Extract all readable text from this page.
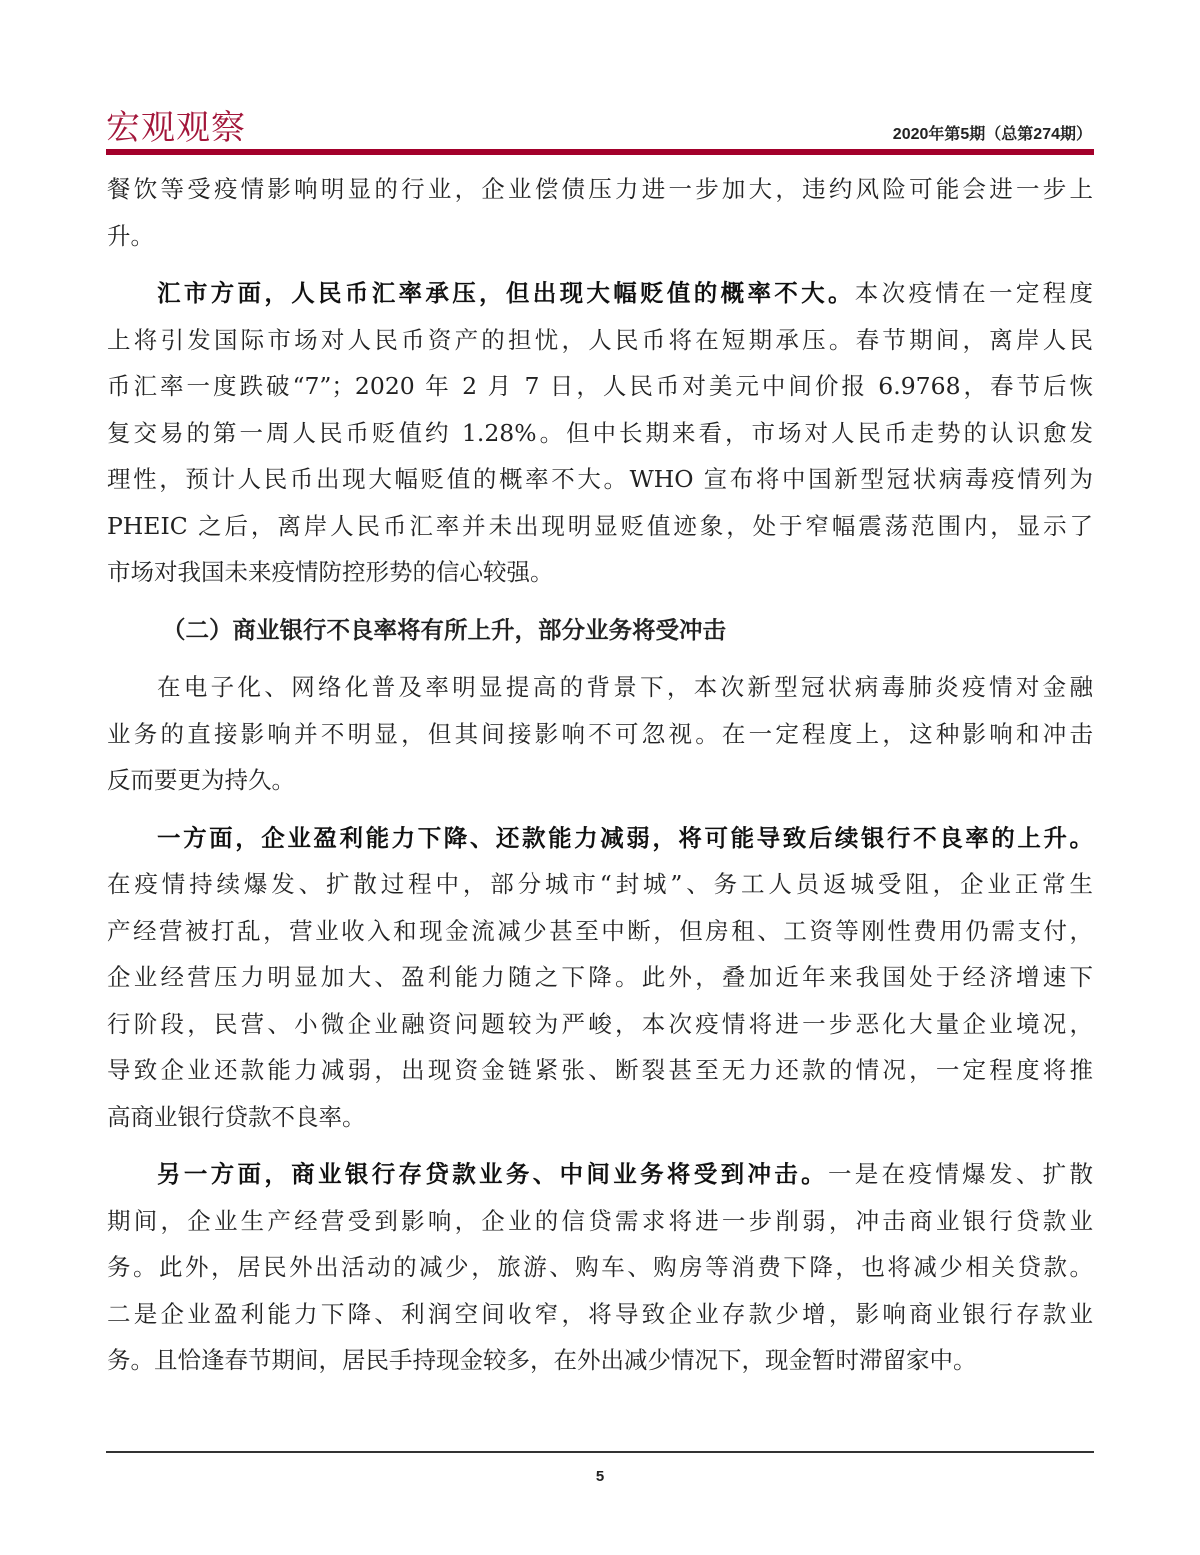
宏观观察	2020年第5期（总第274期）
餐饮等受疫情影响明显的行业，企业偿债压力进一步加大，违约风险可能会进一步上
升。
汇市方面，人民币汇率承压，但出现大幅贬值的概率不大。本次疫情在一定程度
上将引发国际市场对人民币资产的担忧，人民币将在短期承压。春节期间，离岸人民
币汇率一度跌破“7”；2020 年 2 月 7 日，人民币对美元中间价报 6.9768，春节后恢
复交易的第一周人民币贬值约 1.28%。但中长期来看，市场对人民币走势的认识愈发
理性，预计人民币出现大幅贬值的概率不大。WHO 宣布将中国新型冠状病毒疫情列为
PHEIC 之后，离岸人民币汇率并未出现明显贬值迹象，处于窄幅震荡范围内，显示了
市场对我国未来疫情防控形势的信心较强。
（二）商业银行不良率将有所上升，部分业务将受冲击
在电子化、网络化普及率明显提高的背景下，本次新型冠状病毒肺炎疫情对金融
业务的直接影响并不明显，但其间接影响不可忽视。在一定程度上，这种影响和冲击
反而要更为持久。
一方面，企业盈利能力下降、还款能力减弱，将可能导致后续银行不良率的上升。
在疫情持续爆发、扩散过程中，部分城市“封城”、务工人员返城受阻，企业正常生
产经营被打乱，营业收入和现金流减少甚至中断，但房租、工资等刚性费用仍需支付，
企业经营压力明显加大、盈利能力随之下降。此外，叠加近年来我国处于经济增速下
行阶段，民营、小微企业融资问题较为严峻，本次疫情将进一步恶化大量企业境况，
导致企业还款能力减弱，出现资金链紧张、断裂甚至无力还款的情况，一定程度将推
高商业银行贷款不良率。
另一方面，商业银行存贷款业务、中间业务将受到冲击。一是在疫情爆发、扩散
期间，企业生产经营受到影响，企业的信贷需求将进一步削弱，冲击商业银行贷款业
务。此外，居民外出活动的减少，旅游、购车、购房等消费下降，也将减少相关贷款。
二是企业盈利能力下降、利润空间收窄，将导致企业存款少增，影响商业银行存款业
务。且恰逢春节期间，居民手持现金较多，在外出减少情况下，现金暂时滞留家中。
5
